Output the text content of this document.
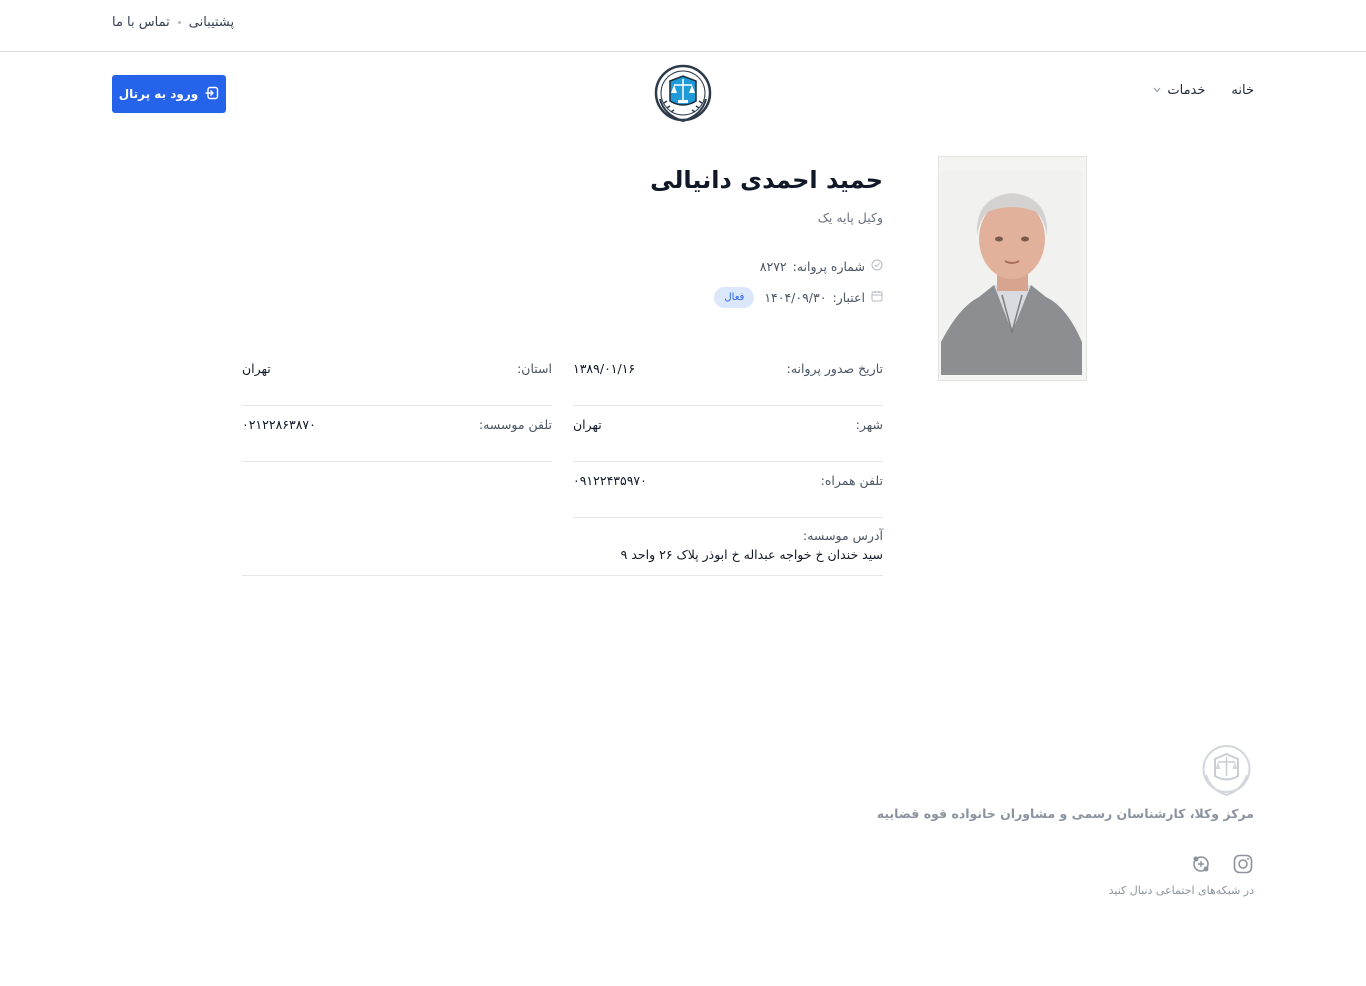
پشتیبانی
تماس با ما
خانه
خدمات
ورود به پرتال
حمید احمدی دانیالی
وکیل پایه یک
شماره پروانه:
۸۲۷۲
اعتبار:
۱۴۰۴/۰۹/۳۰
فعال
تاریخ صدور پروانه:
۱۳۸۹/۰۱/۱۶
استان:
تهران
شهر:
تهران
تلفن موسسه:
۰۲۱۲۲۸۶۳۸۷۰
تلفن همراه:
۰۹۱۲۲۴۳۵۹۷۰
آدرس موسسه:
سید خندان خ خواجه عبداله خ ابوذر پلاک ۲۶ واحد ۹
مرکز وکلا، کارشناسان رسمی و مشاوران خانواده قوه قضاییه
در شبکه‌های اجتماعی دنبال کنید
